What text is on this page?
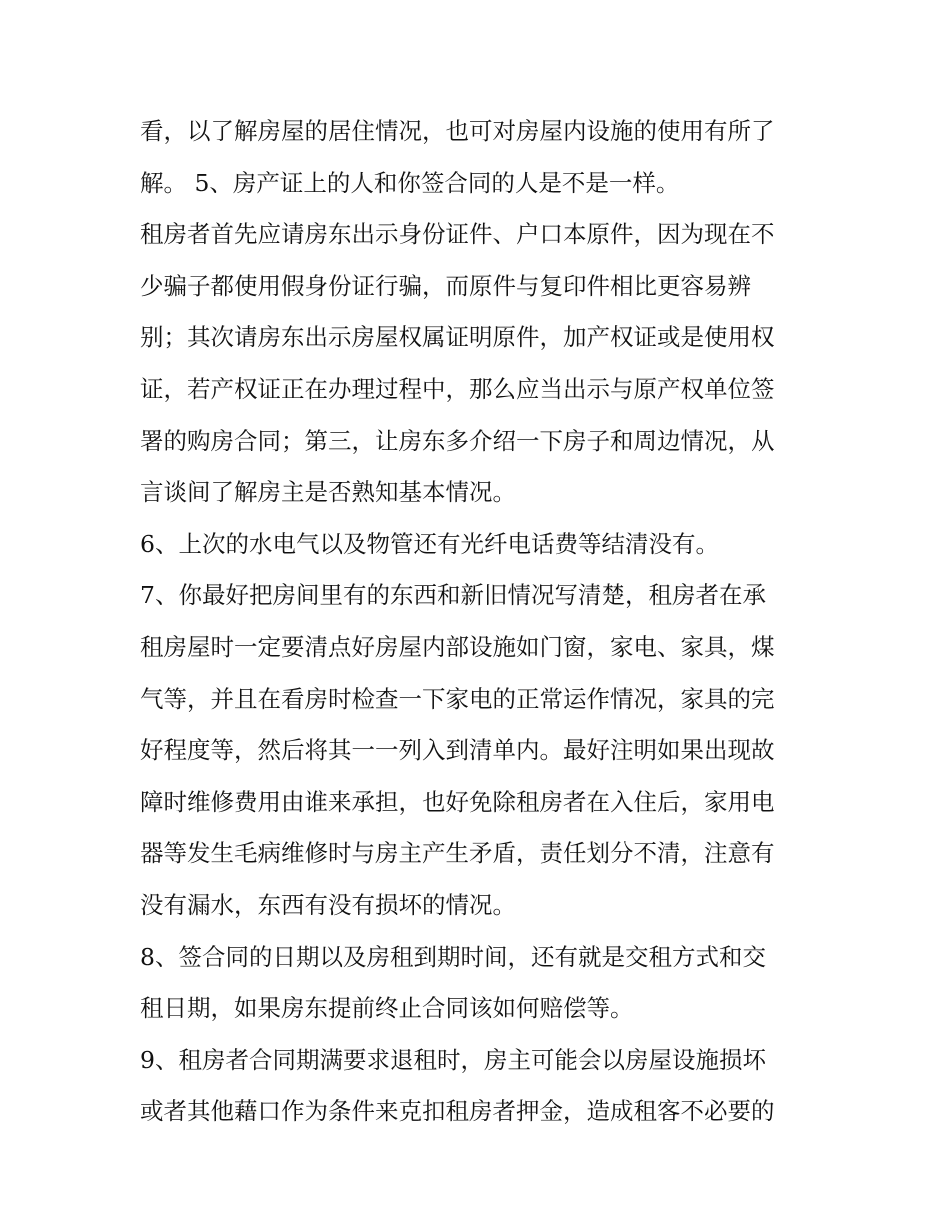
看，以了解房屋的居住情况，也可对房屋内设施的使用有所了

解。 5、房产证上的人和你签合同的人是不是一样。

租房者首先应请房东出示身份证件、户口本原件，因为现在不

少骗子都使用假身份证行骗，而原件与复印件相比更容易辨

别；其次请房东出示房屋权属证明原件，加产权证或是使用权

证，若产权证正在办理过程中，那么应当出示与原产权单位签

署的购房合同；第三，让房东多介绍一下房子和周边情况，从

言谈间了解房主是否熟知基本情况。

6、上次的水电气以及物管还有光纤电话费等结清没有。

7、你最好把房间里有的东西和新旧情况写清楚，租房者在承

租房屋时一定要清点好房屋内部设施如门窗，家电、家具，煤

气等，并且在看房时检查一下家电的正常运作情况，家具的完

好程度等，然后将其一一列入到清单内。最好注明如果出现故

障时维修费用由谁来承担，也好免除租房者在入住后，家用电

器等发生毛病维修时与房主产生矛盾，责任划分不清，注意有

没有漏水，东西有没有损坏的情况。

8、签合同的日期以及房租到期时间，还有就是交租方式和交

租日期，如果房东提前终止合同该如何赔偿等。

9、租房者合同期满要求退租时，房主可能会以房屋设施损坏

或者其他藉口作为条件来克扣租房者押金，造成租客不必要的
